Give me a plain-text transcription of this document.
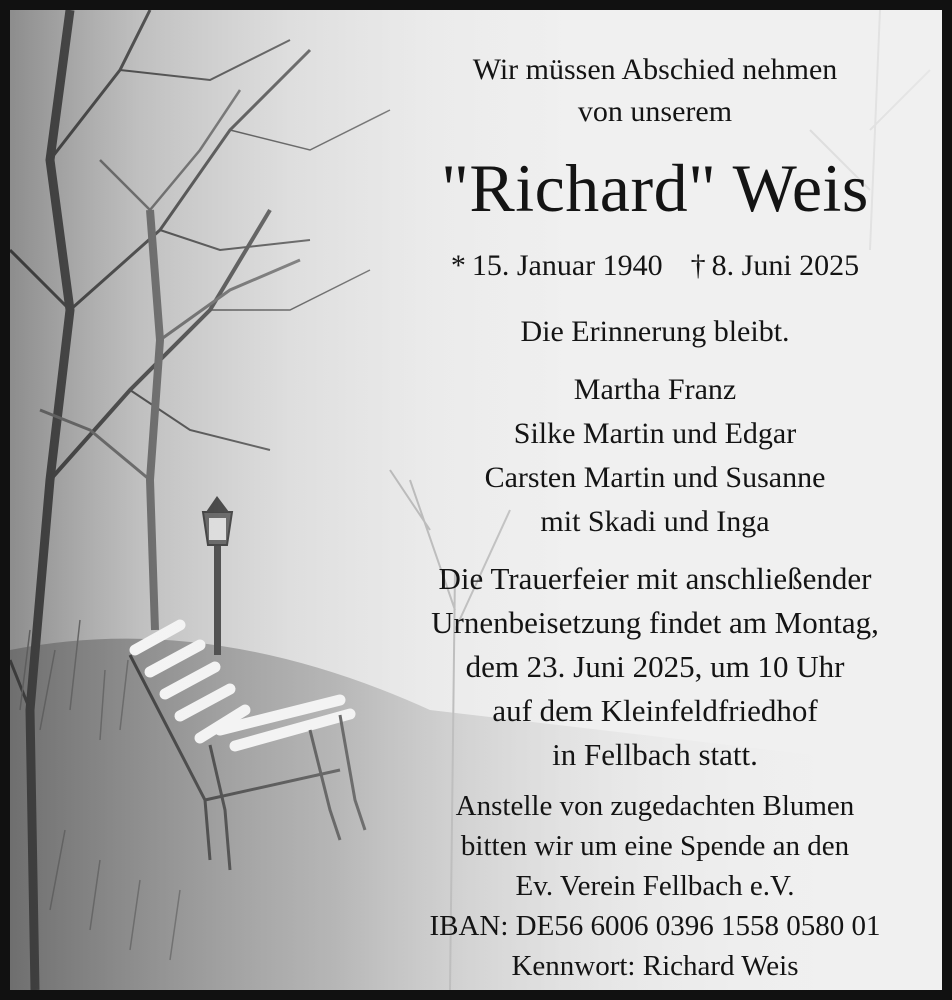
Wir müssen Abschied nehmen
von unserem
"Richard" Weis
* 15. Januar 1940 † 8. Juni 2025
Die Erinnerung bleibt.
Martha Franz
Silke Martin und Edgar
Carsten Martin und Susanne
mit Skadi und Inga
Die Trauerfeier mit anschließender
Urnenbeisetzung findet am Montag,
dem 23. Juni 2025, um 10 Uhr
auf dem Kleinfeldfriedhof
in Fellbach statt.
Anstelle von zugedachten Blumen
bitten wir um eine Spende an den
Ev. Verein Fellbach e.V.
IBAN: DE56 6006 0396 1558 0580 01
Kennwort: Richard Weis
